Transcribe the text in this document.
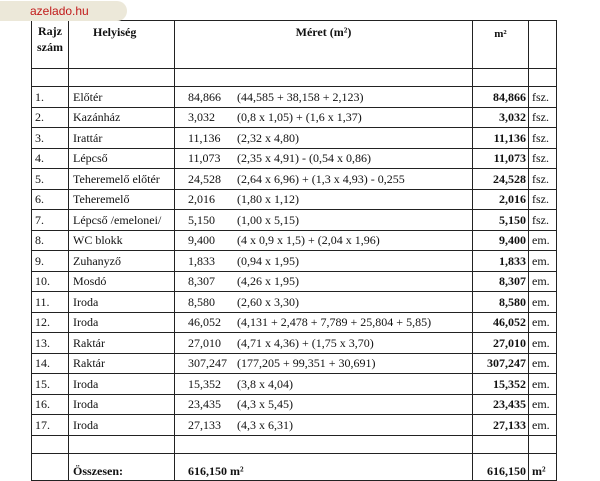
azelado.hu
Rajz
szám	Helyiség	Méret (m²)	m²	

1.	Előtér	84,866 (44,585 + 38,158 + 2,123)	84,866	fsz.
2.	Kazánház	3,032 (0,8 x 1,05) + (1,6 x 1,37)	3,032	fsz.
3.	Irattár	11,136 (2,32 x 4,80)	11,136	fsz.
4.	Lépcső	11,073 (2,35 x 4,91) - (0,54 x 0,86)	11,073	fsz.
5.	Teheremelő előtér	24,528 (2,64 x 6,96) + (1,3 x 4,93) - 0,255	24,528	fsz.
6.	Teheremelő	2,016 (1,80 x 1,12)	2,016	fsz.
7.	Lépcső /emelonei/	5,150 (1,00 x 5,15)	5,150	fsz.
8.	WC blokk	9,400 (4 x 0,9 x 1,5) + (2,04 x 1,96)	9,400	em.
9.	Zuhanyző	1,833 (0,94 x 1,95)	1,833	em.
10.	Mosdó	8,307 (4,26 x 1,95)	8,307	em.
11.	Iroda	8,580 (2,60 x 3,30)	8,580	em.
12.	Iroda	46,052 (4,131 + 2,478 + 7,789 + 25,804 + 5,85)	46,052	em.
13.	Raktár	27,010 (4,71 x 4,36) + (1,75 x 3,70)	27,010	em.
14.	Raktár	307,247 (177,205 + 99,351 + 30,691)	307,247	em.
15.	Iroda	15,352 (3,8 x 4,04)	15,352	em.
16.	Iroda	23,435 (4,3 x 5,45)	23,435	em.
17.	Iroda	27,133 (4,3 x 6,31)	27,133	em.

	Összesen:	616,150 m²	616,150	m²
